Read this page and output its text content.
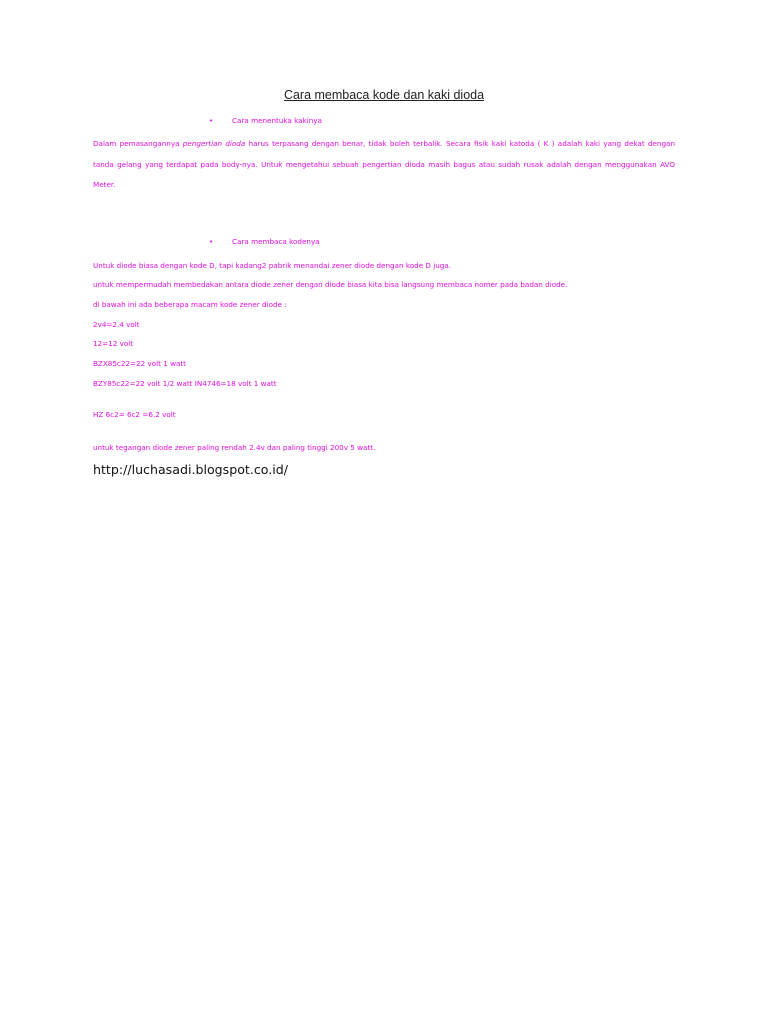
Cara membaca kode dan kaki dioda
•	Cara menentuka kakinya
Dalam pemasangannya pengertian dioda harus terpasang dengan benar, tidak boleh terbalik. Secara fisik kaki katoda ( K ) adalah kaki yang dekat dengan tanda gelang yang terdapat pada body-nya. Untuk mengetahui sebuah pengertian dioda masih bagus atau sudah rusak adalah dengan menggunakan AVO Meter.
•	Cara membaca kodenya
Untuk diode biasa dengan kode D, tapi kadang2 pabrik menandai zener diode dengan kode D juga.
untuk mempermudah membedakan antara diode zener dengan diode biasa kita bisa langsung membaca nomer pada badan diode.
di bawah ini ada beberapa macam kode zener diode :
2v4=2.4 volt
12=12 volt
BZX85c22=22 volt 1 watt
BZY85c22=22 volt 1/2 watt IN4746=18 volt 1 watt
HZ 6c2= 6c2 =6.2 volt
untuk tegangan diode zener paling rendah 2.4v dan paling tinggi 200v 5 watt.
http://luchasadi.blogspot.co.id/
